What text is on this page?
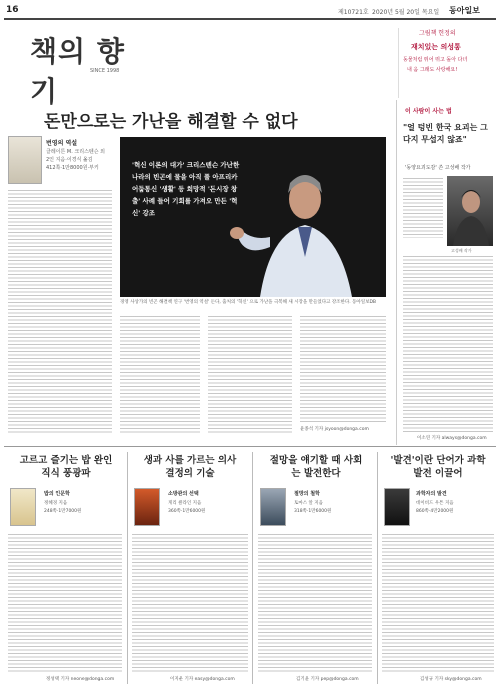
16	제10721호 2020년 5월 20일 목요일 동아일보
책의 향기
SINCE 1998
그림책 헌정의
재치있는 의성통
동물처럼 뛰어 뛰고 돌아 다녀
내 옴 그래도 사랑해요!
돈만으로는 가난을 해결할 수 없다
번영의 역설
클레이튼 M. 크리스텐슨 외
2인 지음·이경식 옮김
412쪽·1만8000원·부키	'혁신 이론의 대가' 크리스텐슨 가난한 나라의 빈곤에 물을 아직 풀 아프리카 어둡통신 '생활' 등 희망적 '돈시장 창출' 사례 들어 기회를 가져오 만든 '혁신' 강조
경영 사상가의 빈곤 해결책 연구 '번영의 역설' 돈다, 출처의 '혁신' 으로 가난을 극복해 새 시장을 만들었다고 강조한다. 동아일보DB
윤종석 기자 jsyoon@donga.com
이 사람이 사는 법
"얼 텅빈 한국 요괴는 그다지 무섭지 않죠"
'동양요괴도감' 쓴 고성배 작가
고성배 작가
이소연 기자 always@donga.com
고르고 즐기는 밥 완인 직식 풍광파
밥의 인문학
정혜경 지음
248쪽·1만7000원
정성택 기자 neone@donga.com
생과 사를 가르는 의사결정의 기술
소방관의 선택
게리 클라인 지음
360쪽·1만6000원
이지운 기자 easy@donga.com
절망을 얘기할 때 사회는 발전한다
절망의 철학
토마스 알 지음
318쪽·1만6000원
김기윤 기자 pep@donga.com
'발견'이란 단어가 과학 발전 이끌어
과학자의 발견
데이비드 우튼 지음
860쪽·4만2000원
김성규 기자 sky@donga.com
